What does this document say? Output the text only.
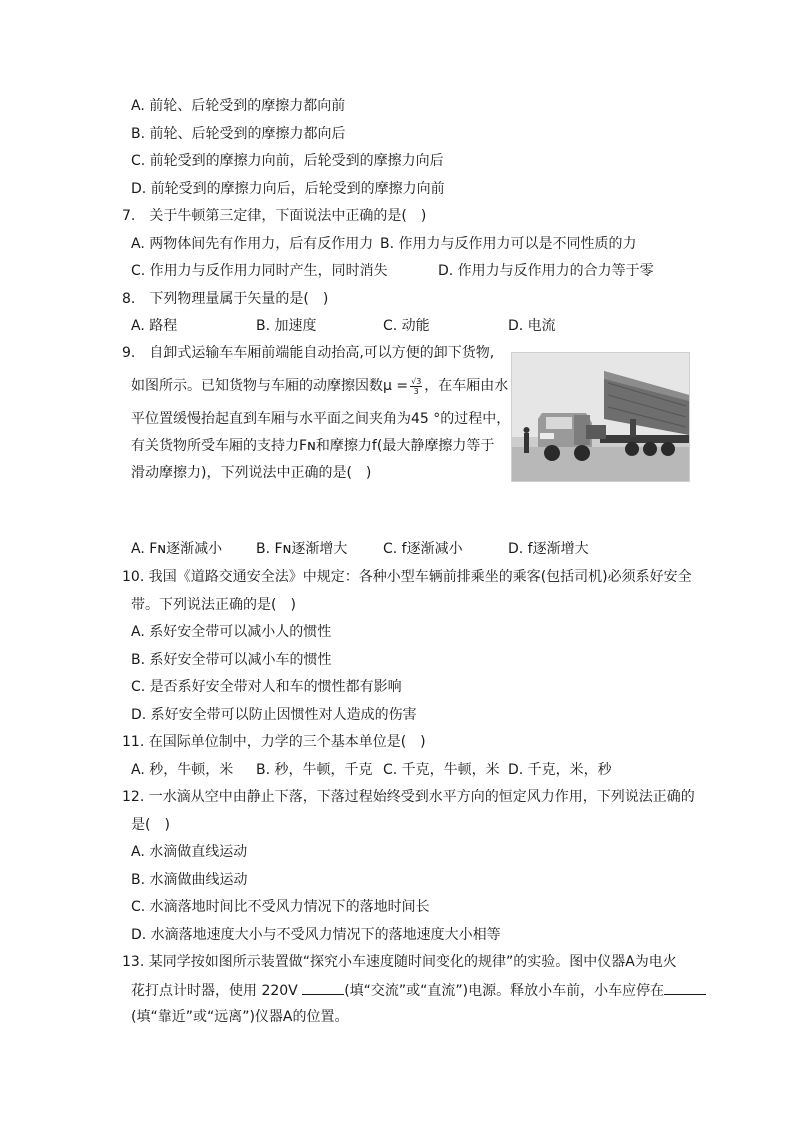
A. 前轮、后轮受到的摩擦力都向前
B. 前轮、后轮受到的摩擦力都向后
C. 前轮受到的摩擦力向前，后轮受到的摩擦力向后
D. 前轮受到的摩擦力向后，后轮受到的摩擦力向前
7.　关于牛顿第三定律，下面说法中正确的是(　)
A. 两物体间先有作用力，后有反作用力 B. 作用力与反作用力可以是不同性质的力
C. 作用力与反作用力同时产生，同时消失	D. 作用力与反作用力的合力等于零
8.　下列物理量属于矢量的是(　)
A. 路程	B. 加速度	C. 动能	D. 电流
9.　自卸式运输车车厢前端能自动抬高,可以方便的卸下货物,
如图所示。已知货物与车厢的动摩擦因数$\mu = \frac{√3}{3}$ ，在车厢由水
平位置缓慢抬起直到车厢与水平面之间夹角为45 °的过程中，
有关货物所受车厢的支持力Fɴ和摩擦力f(最大静摩擦力等于
滑动摩擦力)，下列说法中正确的是(　)
A. Fɴ逐渐减小 B. Fɴ逐渐增大	C. f逐渐减小	D. f逐渐增大
10. 我国《道路交通安全法》中规定：各种小型车辆前排乘坐的乘客(包括司机)必须系好安全
带。下列说法正确的是(　)
A. 系好安全带可以减小人的惯性
B. 系好安全带可以减小车的惯性
C. 是否系好安全带对人和车的惯性都有影响
D. 系好安全带可以防止因惯性对人造成的伤害
11. 在国际单位制中，力学的三个基本单位是(　)
A. 秒，牛顿，米 B. 秒，牛顿，千克 C. 千克，牛顿，米 D. 千克，米，秒
12. 一水滴从空中由静止下落，下落过程始终受到水平方向的恒定风力作用，下列说法正确的
是(　)
A. 水滴做直线运动
B. 水滴做曲线运动
C. 水滴落地时间比不受风力情况下的落地时间长
D. 水滴落地速度大小与不受风力情况下的落地速度大小相等
13. 某同学按如图所示装置做“探究小车速度随时间变化的规律”的实验。图中仪器A为电火
花打点计时器，使用 220V	(填“交流”或“直流”)电源。释放小车前，小车应停在
(填“靠近”或“远离”)仪器A的位置。
